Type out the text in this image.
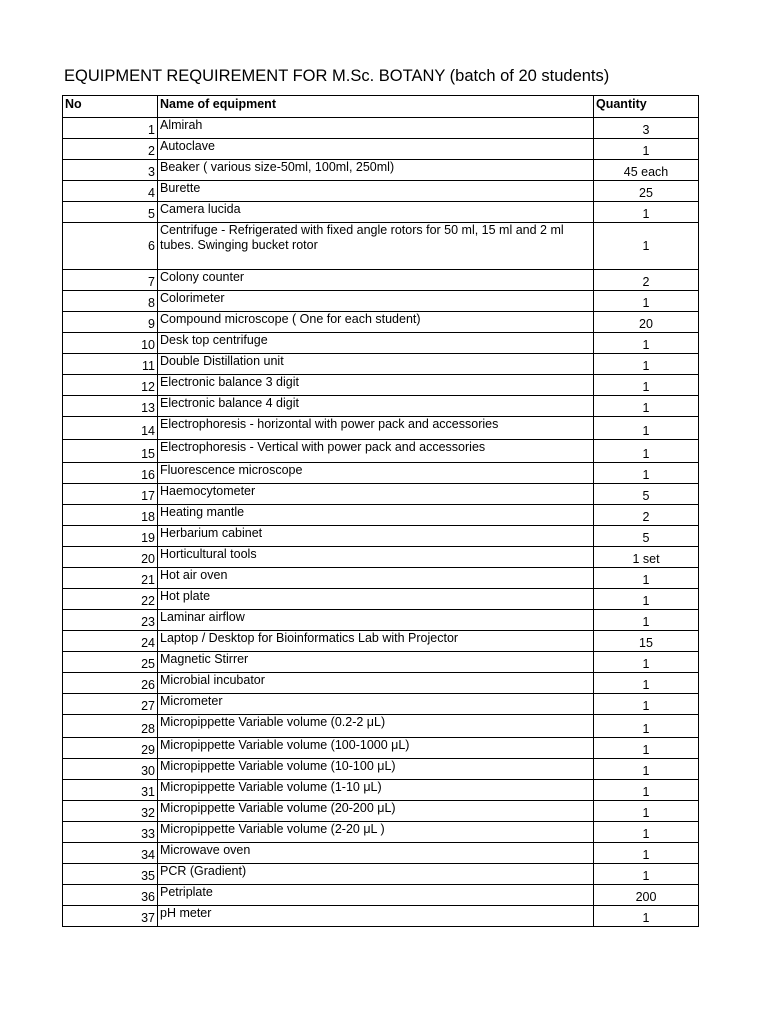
EQUIPMENT REQUIREMENT FOR M.Sc. BOTANY (batch of 20 students)
No	Name of equipment	Quantity
1	Almirah	3
2	Autoclave	1
3	Beaker ( various size-50ml, 100ml, 250ml)	45 each
4	Burette	25
5	Camera lucida	1
6	Centrifuge - Refrigerated with fixed angle rotors for 50 ml, 15 ml and 2 ml tubes. Swinging bucket rotor	1
7	Colony counter	2
8	Colorimeter	1
9	Compound microscope ( One for each student)	20
10	Desk top centrifuge	1
11	Double Distillation unit	1
12	Electronic balance 3 digit	1
13	Electronic balance 4 digit	1
14	Electrophoresis - horizontal with power pack and accessories	1
15	Electrophoresis - Vertical with power pack and accessories	1
16	Fluorescence microscope	1
17	Haemocytometer	5
18	Heating mantle	2
19	Herbarium cabinet	5
20	Horticultural tools	1 set
21	Hot air oven	1
22	Hot plate	1
23	Laminar airflow	1
24	Laptop / Desktop for Bioinformatics Lab with Projector	15
25	Magnetic Stirrer	1
26	Microbial incubator	1
27	Micrometer	1
28	Micropippette Variable volume (0.2-2 μL)	1
29	Micropippette Variable volume (100-1000 μL)	1
30	Micropippette Variable volume (10-100 μL)	1
31	Micropippette Variable volume (1-10 μL)	1
32	Micropippette Variable volume (20-200 μL)	1
33	Micropippette Variable volume (2-20 μL )	1
34	Microwave oven	1
35	PCR (Gradient)	1
36	Petriplate	200
37	pH meter	1
